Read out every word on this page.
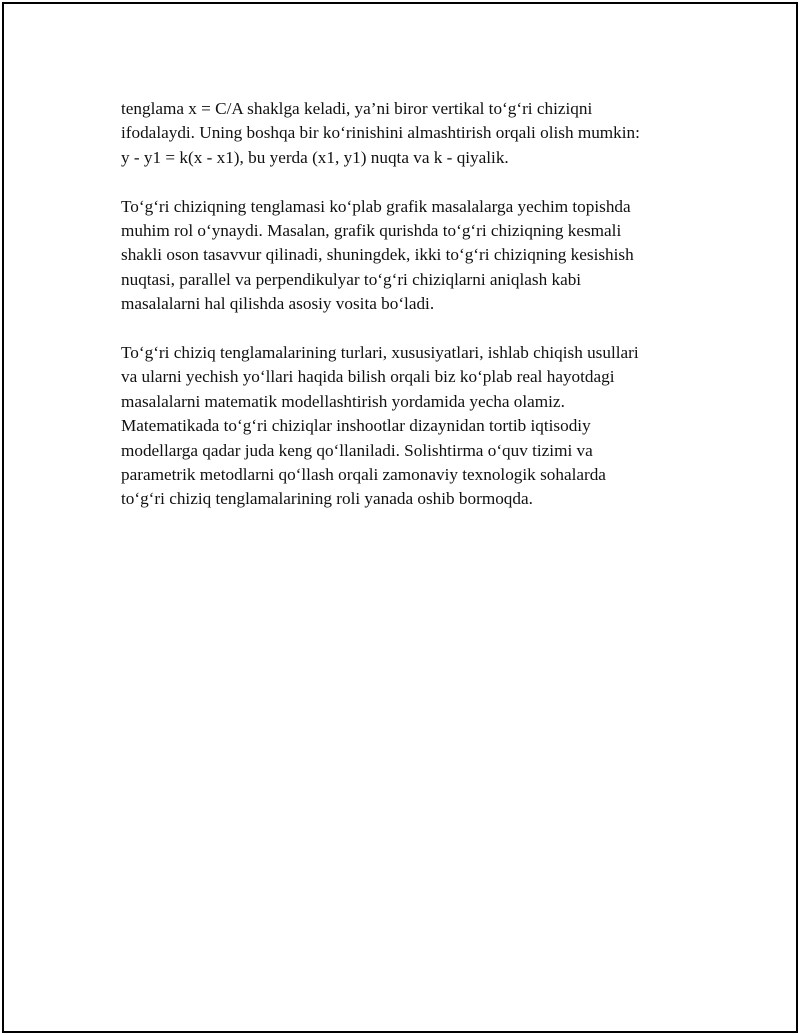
tenglama x = C/A shaklga keladi, ya’ni biror vertikal to‘g‘ri chiziqni
ifodalaydi. Uning boshqa bir ko‘rinishini almashtirish orqali olish mumkin:
y - y1 = k(x - x1), bu yerda (x1, y1) nuqta va k - qiyalik.

To‘g‘ri chiziqning tenglamasi ko‘plab grafik masalalarga yechim topishda
muhim rol o‘ynaydi. Masalan, grafik qurishda to‘g‘ri chiziqning kesmali
shakli oson tasavvur qilinadi, shuningdek, ikki to‘g‘ri chiziqning kesishish
nuqtasi, parallel va perpendikulyar to‘g‘ri chiziqlarni aniqlash kabi
masalalarni hal qilishda asosiy vosita bo‘ladi.

To‘g‘ri chiziq tenglamalarining turlari, xususiyatlari, ishlab chiqish usullari
va ularni yechish yo‘llari haqida bilish orqali biz ko‘plab real hayotdagi
masalalarni matematik modellashtirish yordamida yecha olamiz.
Matematikada to‘g‘ri chiziqlar inshootlar dizaynidan tortib iqtisodiy
modellarga qadar juda keng qo‘llaniladi. Solishtirma o‘quv tizimi va
parametrik metodlarni qo‘llash orqali zamonaviy texnologik sohalarda
to‘g‘ri chiziq tenglamalarining roli yanada oshib bormoqda.
